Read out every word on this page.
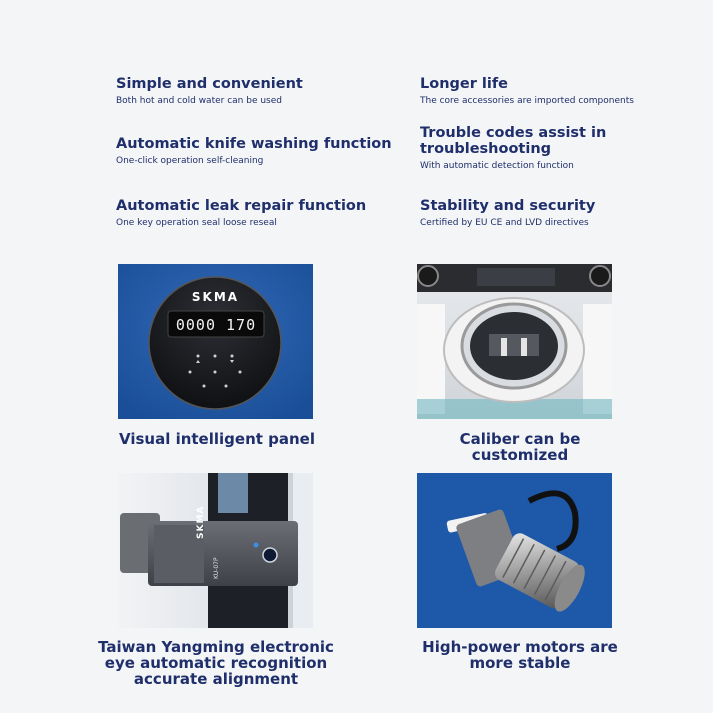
Simple and convenient
Both hot and cold water can be used
Longer life
The core accessories are imported components
Automatic knife washing function
One-click operation self-cleaning
Trouble codes assist in troubleshooting
With automatic detection function
Automatic leak repair function
One key operation seal loose reseal
Stability and security
Certified by EU CE and LVD directives
SKMA
0000 170
Visual intelligent panel	Caliber can be customized
SKMA
KU-07P
Taiwan Yangming electronic
eye automatic recognition
accurate alignment
High-power motors are
more stable
